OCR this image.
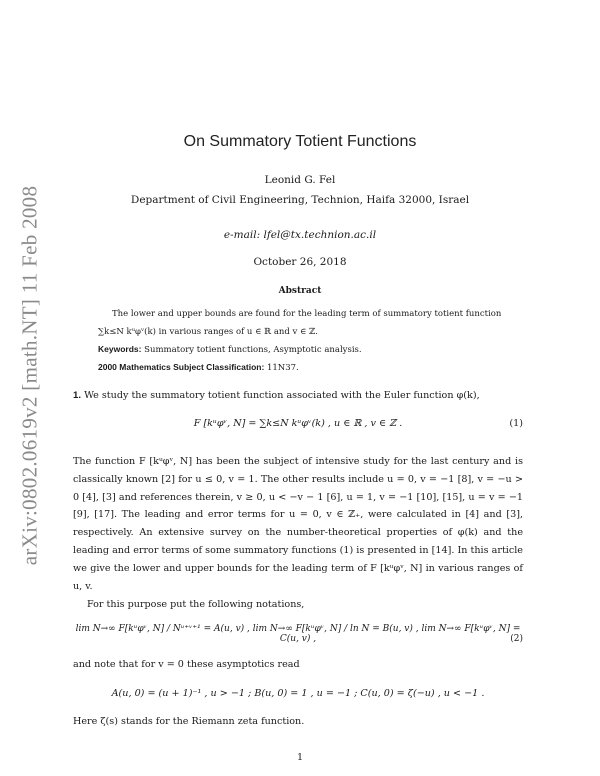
arXiv:0802.0619v2 [math.NT] 11 Feb 2008
On Summatory Totient Functions
Leonid G. Fel
Department of Civil Engineering, Technion, Haifa 32000, Israel
e-mail: lfel@tx.technion.ac.il
October 26, 2018
Abstract
The lower and upper bounds are found for the leading term of summatory totient function
∑k≤N kᵘφᵛ(k) in various ranges of u ∈ ℝ and v ∈ ℤ.
Keywords: Summatory totient functions, Asymptotic analysis.
2000 Mathematics Subject Classification: 11N37.

1. We study the summatory totient function associated with the Euler function φ(k),

F [kᵘφᵛ, N] = ∑k≤N kᵘφᵛ(k) , u ∈ ℝ , v ∈ ℤ .	(1)

The function F [kᵘφᵛ, N] has been the subject of intensive study for the last century and is classically known [2] for u ≤ 0, v = 1. The other results include u = 0, v = −1 [8], v = −u > 0 [4], [3] and references therein, v ≥ 0, u < −v − 1 [6], u = 1, v = −1 [10], [15], u = v = −1 [9], [17]. The leading and error terms for u = 0, v ∈ ℤ₊, were calculated in [4] and [3], respectively. An extensive survey on the number-theoretical properties of φ(k) and the leading and error terms of some summatory functions (1) is presented in [14]. In this article we give the lower and upper bounds for the leading term of F [kᵘφᵛ, N] in various ranges of u, v.

For this purpose put the following notations,

lim N→∞ F[kᵘφᵛ, N] / Nᵘ⁺ᵛ⁺¹ = A(u, v) , lim N→∞ F[kᵘφᵛ, N] / ln N = B(u, v) , lim N→∞ F[kᵘφᵛ, N] = C(u, v) ,	(2)

and note that for v = 0 these asymptotics read

A(u, 0) = (u + 1)⁻¹ , u > −1 ; B(u, 0) = 1 , u = −1 ; C(u, 0) = ζ(−u) , u < −1 .

Here ζ(s) stands for the Riemann zeta function.

1
